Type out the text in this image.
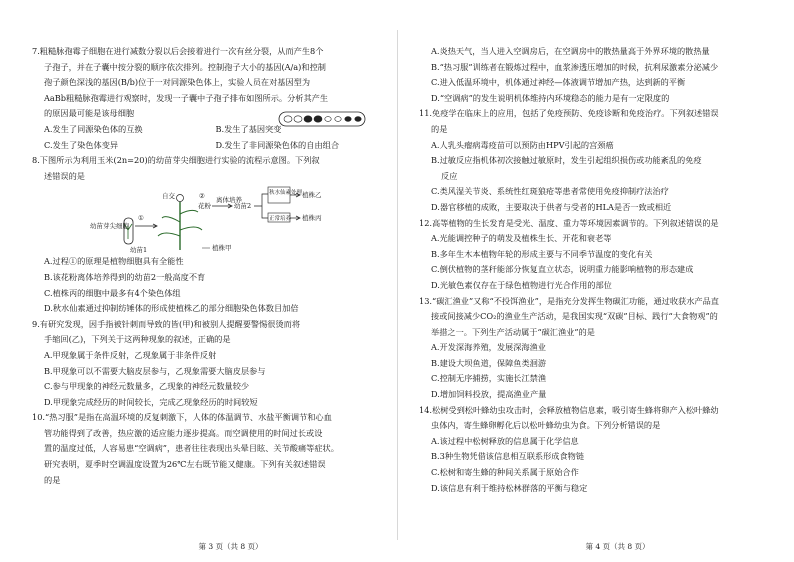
7.粗糙脉孢霉子细胞在进行减数分裂以后会接着进行一次有丝分裂，从而产生8个
子孢子，并在子囊中按分裂的顺序依次排列。控制孢子大小的基因(A/a)和控制
孢子颜色深浅的基因(B/b)位于一对同源染色体上，实验人员在对基因型为
AaBb粗糙脉孢霉进行观察时，发现一子囊中子孢子排布如图所示。分析其产生
的原因最可能是该母细胞
A.发生了同源染色体的互换	B.发生了基因突变
C.发生了染色体变异	D.发生了非同源染色体的自由组合
8.下图所示为利用玉米(2n=20)的幼苗芽尖细胞进行实验的流程示意图。下列叙
述错误的是
幼苗芽尖细胞
幼苗1
①
植株甲
自交
花粉
② 离体培养
幼苗2
秋水仙素处理
正常培养
植株乙
植株丙
A.过程①的原理是植物细胞具有全能性
B.该花粉离体培养得到的幼苗2一般高度不育
C.植株丙的细胞中最多有4个染色体组
D.秋水仙素通过抑制纺锤体的形成使植株乙的部分细胞染色体数目加倍
9.有研究发现，因手指被针刺而导致的皆(甲)和被别人提醒要警惕很烫而将
手缩回(乙)，下列关于这两种现象的叙述，正确的是
A.甲现象属于条件反射，乙现象属于非条件反射
B.甲现象可以不需要大脑皮层参与，乙现象需要大脑皮层参与
C.参与甲现象的神经元数量多，乙现象的神经元数量较少
D.甲现象完成经历的时间较长，完成乙现象经历的时间较短
10.“热习服”是指在高温环境的反复刺激下，人体的体温调节、水盐平衡调节和心血
管功能得到了改善，热应激的适应能力逐步提高。而空调使用的时间过长或设
置的温度过低，人容易患“空调病”，患者往往表现出头晕目眩、关节酸痛等症状。
研究表明，夏季时空调温度设置为26℃左右既节能又健康。下列有关叙述错误
的是
第 3 页（共 8 页）
A.炎热天气，当人进入空调房后，在空调房中的散热量高于外界环境的散热量
B.“热习服”训练者在锻炼过程中，血浆渗透压增加的时候，抗利尿激素分泌减少
C.进入低温环境中，机体通过神经—体液调节增加产热，达到新的平衡
D.“空调病”的发生说明机体维持内环境稳态的能力是有一定限度的
11.免疫学在临床上的应用，包括了免疫预防、免疫诊断和免疫治疗。下列叙述错误
的是
A.人乳头瘤病毒疫苗可以预防由HPV引起的宫颈癌
B.过敏反应指机体初次接触过敏原时，发生引起组织损伤或功能紊乱的免疫
反应
C.类风湿关节炎、系统性红斑狼疮等患者常使用免疫抑制疗法治疗
D.器官移植的成败，主要取决于供者与受者的HLA是否一致或相近
12.高等植物的生长发育是受光、温度、重力等环境因素调节的。下列叙述错误的是
A.光能调控种子的萌发及植株生长、开花和衰老等
B.多年生木本植物年轮的形成主要与不同季节温度的变化有关
C.倒伏植物的茎秆能部分恢复直立状态，说明重力能影响植物的形态建成
D.光敏色素仅存在于绿色植物进行光合作用的部位
13.“碳汇渔业”又称“不投饵渔业”，是指充分发挥生物碳汇功能，通过收获水产品直
接或间接减少CO₂的渔业生产活动，是我国实现“双碳”目标、践行“大食物观”的
举措之一。下列生产活动属于“碳汇渔业”的是
A.开发深海养殖，发展深海渔业
B.建设大坝鱼道，保障鱼类洄游
C.控制无序捕捞，实施长江禁渔
D.增加饲料投放，提高渔业产量
14.松树受到松叶蜂幼虫攻击时，会释放植物信息素，吸引寄生蜂将卵产入松叶蜂幼
虫体内，寄生蜂卵孵化后以松叶蜂幼虫为食。下列分析错误的是
A.该过程中松树释放的信息属于化学信息
B.3种生物凭借该信息相互联系形成食物链
C.松树和寄生蜂的种间关系属于原始合作
D.该信息有利于维持松林群落的平衡与稳定
第 4 页（共 8 页）
